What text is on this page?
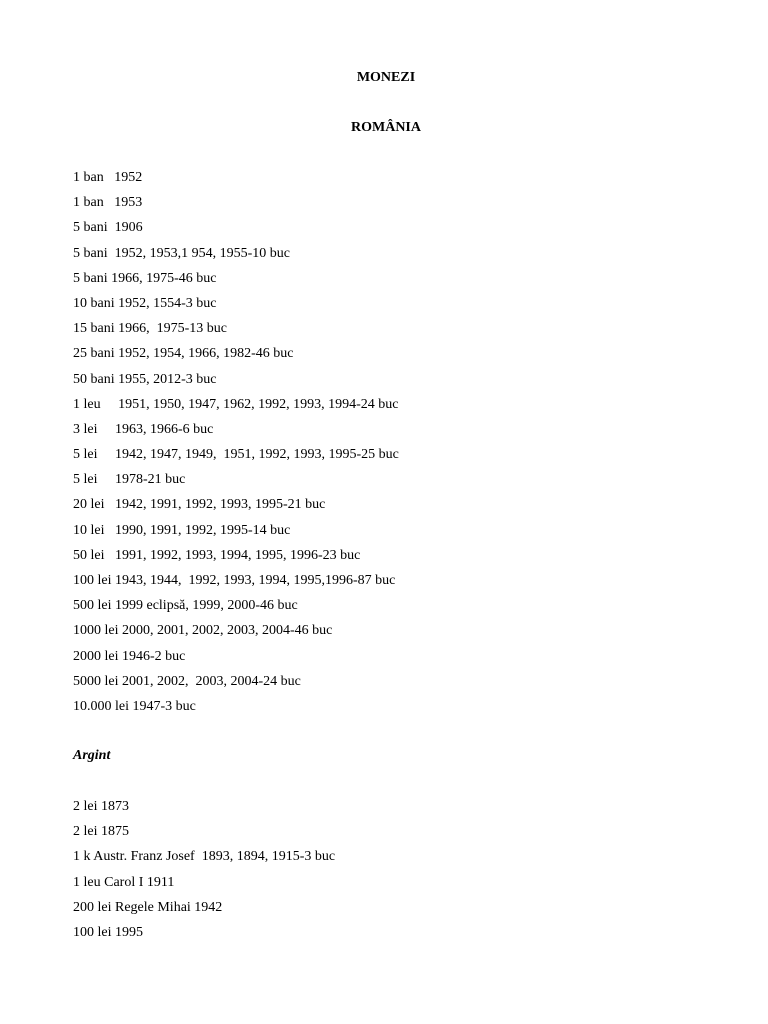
MONEZI
ROMÂNIA
1 ban   1952
1 ban   1953
5 bani  1906
5 bani  1952, 1953,1 954, 1955-10 buc
5 bani 1966, 1975-46 buc
10 bani 1952, 1554-3 buc
15 bani 1966,  1975-13 buc
25 bani 1952, 1954, 1966, 1982-46 buc
50 bani 1955, 2012-3 buc
1 leu     1951, 1950, 1947, 1962, 1992, 1993, 1994-24 buc
3 lei     1963, 1966-6 buc
5 lei     1942, 1947, 1949,  1951, 1992, 1993, 1995-25 buc
5 lei     1978-21 buc
20 lei   1942, 1991, 1992, 1993, 1995-21 buc
10 lei   1990, 1991, 1992, 1995-14 buc
50 lei   1991, 1992, 1993, 1994, 1995, 1996-23 buc
100 lei 1943, 1944,  1992, 1993, 1994, 1995,1996-87 buc
500 lei 1999 eclipsă, 1999, 2000-46 buc
1000 lei 2000, 2001, 2002, 2003, 2004-46 buc
2000 lei 1946-2 buc
5000 lei 2001, 2002,  2003, 2004-24 buc
10.000 lei 1947-3 buc
Argint
2 lei 1873
2 lei 1875
1 k Austr. Franz Josef  1893, 1894, 1915-3 buc
1 leu Carol I 1911
200 lei Regele Mihai 1942
100 lei 1995
